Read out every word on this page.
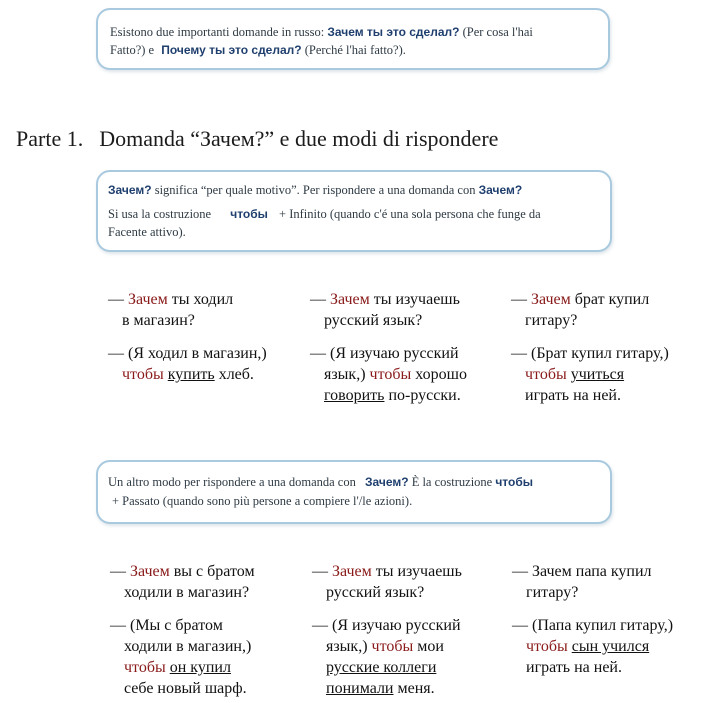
Esistono due importanti domande in russo: Зачем ты это сделал? (Per cosa l'hai
Fatto?) e Почему ты это сделал? (Perché l'hai fatto?).
Parte 1. Domanda “Зачем?” e due modi di rispondere
Зачем? significa “per quale motivo”. Per rispondere a una domanda con Зачем?
Si usa la costruzione чтобы + Infinito (quando c'é una sola persona che funge da
Facente attivo).
— Зачем ты ходил
в магазин?
— (Я ходил в магазин,)
чтобы купить хлеб.
— Зачем ты изучаешь
русский язык?
— (Я изучаю русский
язык,) чтобы хорошо
говорить по-русски.
— Зачем брат купил
гитару?
— (Брат купил гитару,)
чтобы учиться
играть на ней.
Un altro modo per rispondere a una domanda con Зачем? È la costruzione чтобы
+ Passato (quando sono più persone a compiere l'/le azioni).
— Зачем вы с братом
ходили в магазин?
— (Мы с братом
ходили в магазин,)
чтобы он купил
себе новый шарф.
— Зачем ты изучаешь
русский язык?
— (Я изучаю русский
язык,) чтобы мои
русские коллеги
понимали меня.
— Зачем папа купил
гитару?
— (Папа купил гитару,)
чтобы сын учился
играть на ней.
